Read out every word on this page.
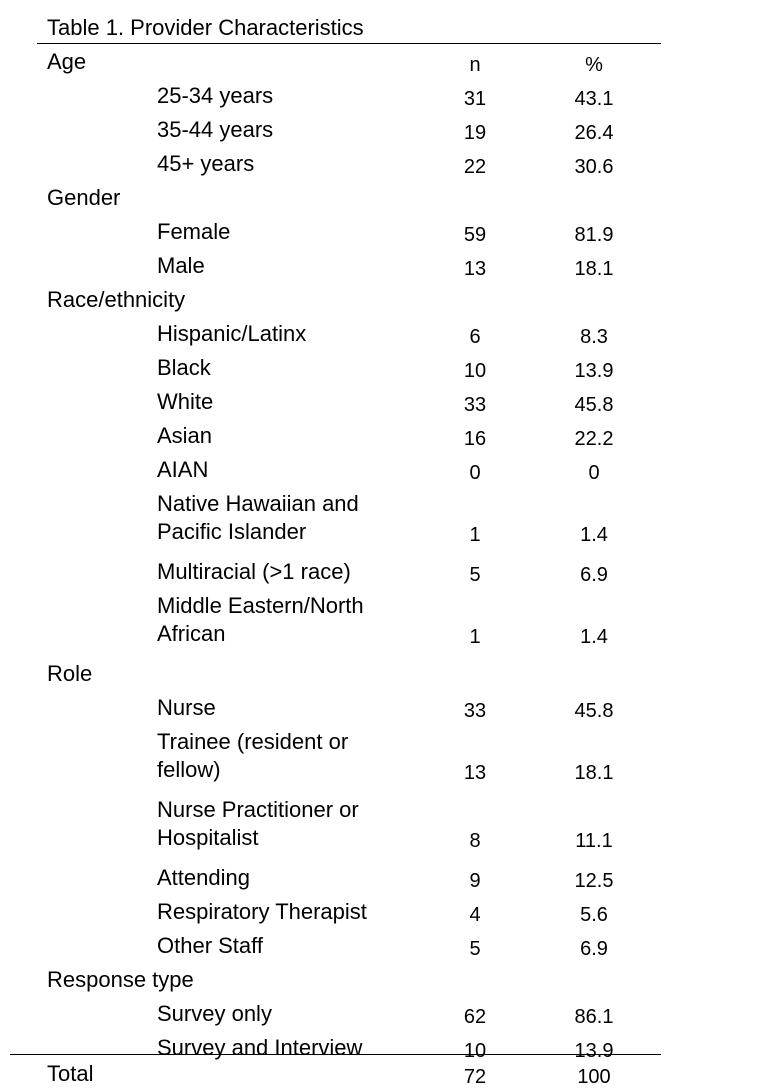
Table 1. Provider Characteristics
Age	n	%
25-34 years	31	43.1
35-44 years	19	26.4
45+ years	22	30.6
Gender
Female	59	81.9
Male	13	18.1
Race/ethnicity
Hispanic/Latinx	6	8.3
Black	10	13.9
White	33	45.8
Asian	16	22.2
AIAN	0	0
Native Hawaiian and
Pacific Islander	1	1.4
Multiracial (>1 race)	5	6.9
Middle Eastern/North
African	1	1.4
Role
Nurse	33	45.8
Trainee (resident or
fellow)	13	18.1
Nurse Practitioner or
Hospitalist	8	11.1
Attending	9	12.5
Respiratory Therapist	4	5.6
Other Staff	5	6.9
Response type
Survey only	62	86.1
Survey and Interview	10	13.9
Total	72	100
